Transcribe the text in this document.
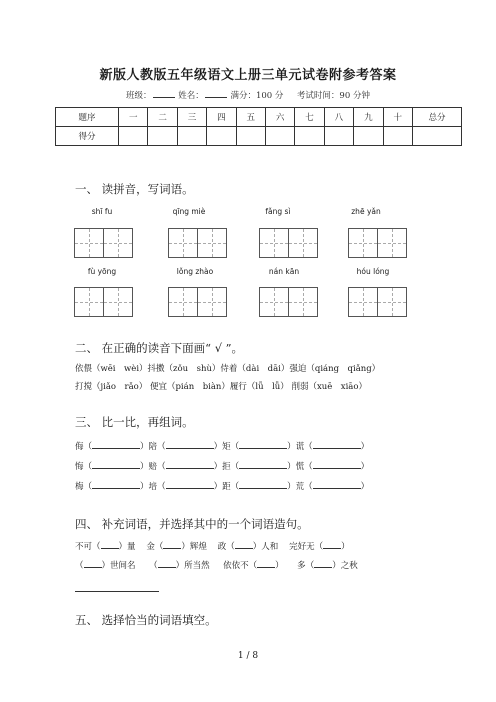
新版人教版五年级语文上册三单元试卷附参考答案
班级：	姓名：	满分：100 分 考试时间：90 分钟
题序	一	二	三	四	五	六	七	八	九	十	总分
得分											
一、 读拼音，写词语。
shī fu	qīng miè	fǎng sì	zhē yǎn
fù yōng	lǒng zhào	nán kān	hóu lóng
二、 在正确的读音下面画“ √ ”。
依偎（wēi　wèi）抖擞（zǒu　shù）侍着（dài　dāi）强迫（qiáng　qiǎng）
打搅（jiǎo　rǎo） 便宜（pián　biàn）履行（lǚ　lǚ） 削弱（xuē　xiāo）
三、 比一比，再组词。
侮（	）陪（	）矩（	）谎（	）
悔（	）赔（	）拒（	）慌（	）
梅（	）培（	）距（	）荒（	）
四、 补充词语，并选择其中的一个词语造句。
不可（ ）量 金（ ）辉煌 政（ ）人和 完好无（ ）
（ ）世间名 （ ）所当然 依依不（ ）     多（ ）之秋
五、 选择恰当的词语填空。
1 / 8
